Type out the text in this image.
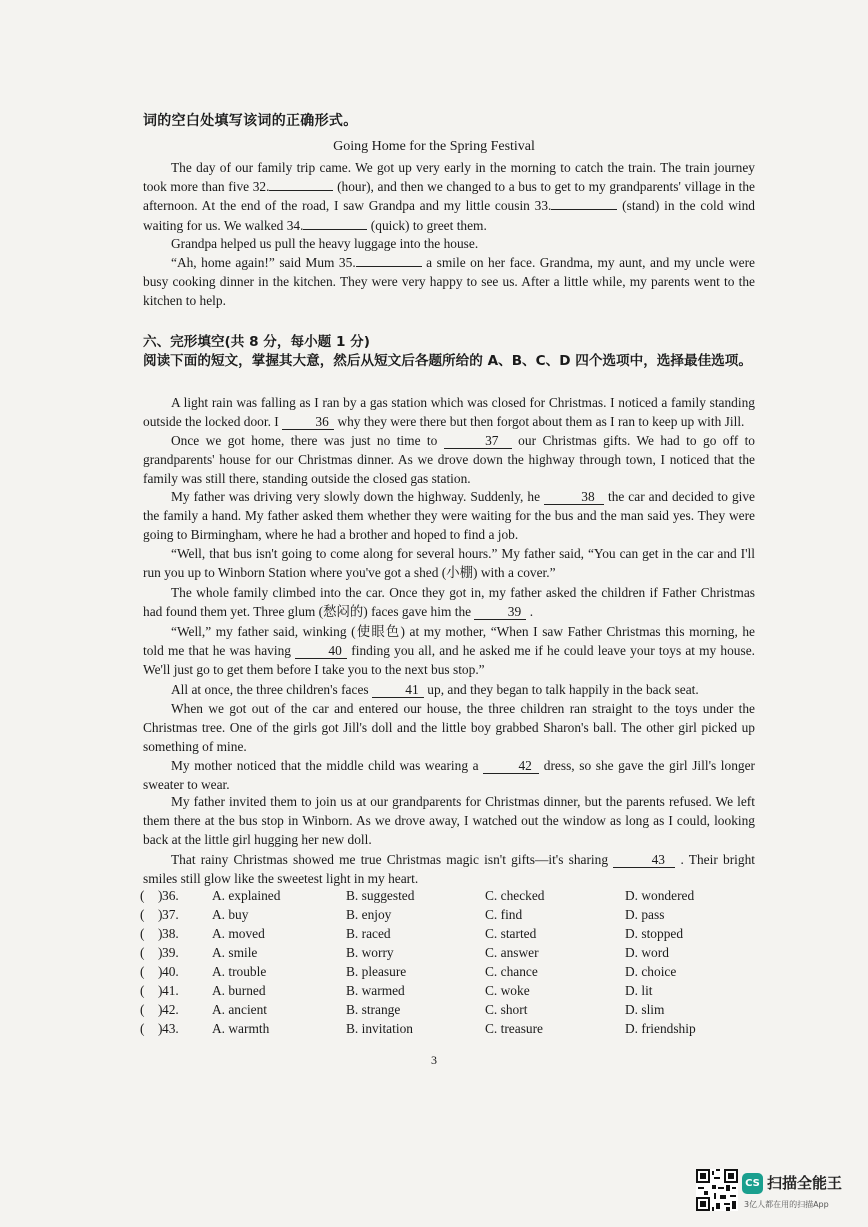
词的空白处填写该词的正确形式。
Going Home for the Spring Festival
The day of our family trip came. We got up very early in the morning to catch the train. The train journey took more than five 32.	(hour), and then we changed to a bus to get to my grandparents' village in the afternoon. At the end of the road, I saw Grandpa and my little cousin 33.	(stand) in the cold wind waiting for us. We walked 34.	(quick) to greet them.
Grandpa helped us pull the heavy luggage into the house.
“Ah, home again!” said Mum 35.	a smile on her face. Grandma, my aunt, and my uncle were busy cooking dinner in the kitchen. They were very happy to see us. After a little while, my parents went to the kitchen to help.
六、完形填空(共 8 分，每小题 1 分)
阅读下面的短文，掌握其大意，然后从短文后各题所给的 A、B、C、D 四个选项中，选择最佳选项。
A light rain was falling as I ran by a gas station which was closed for Christmas. I noticed a family standing outside the locked door. I 36 why they were there but then forgot about them as I ran to keep up with Jill.
Once we got home, there was just no time to	37 our Christmas gifts. We had to go off to grandparents' house for our Christmas dinner. As we drove down the highway through town, I noticed that the family was still there, standing outside the closed gas station.
My father was driving very slowly down the highway. Suddenly, he	38 the car and decided to give the family a hand. My father asked them whether they were waiting for the bus and the man said yes. They were going to Birmingham, where he had a brother and hoped to find a job.
“Well, that bus isn't going to come along for several hours.” My father said, “You can get in the car and I'll run you up to Winborn Station where you've got a shed (小棚) with a cover.”
The whole family climbed into the car. Once they got in, my father asked the children if Father Christmas had found them yet. Three glum (愁闷的) faces gave him the 39 .
“Well,” my father said, winking (使眼色) at my mother, “When I saw Father Christmas this morning, he told me that he was having 40 finding you all, and he asked me if he could leave your toys at my house. We'll just go to get them before I take you to the next bus stop.”
All at once, the three children's faces 41 up, and they began to talk happily in the back seat.
When we got out of the car and entered our house, the three children ran straight to the toys under the Christmas tree. One of the girls got Jill's doll and the little boy grabbed Sharon's ball. The other girl picked up something of mine.
My mother noticed that the middle child was wearing a	42 dress, so she gave the girl Jill's longer sweater to wear.
My father invited them to join us at our grandparents for Christmas dinner, but the parents refused. We left them there at the bus stop in Winborn. As we drove away, I watched out the window as long as I could, looking back at the little girl hugging her new doll.
That rainy Christmas showed me true Christmas magic isn't gifts—it's sharing	43 . Their bright smiles still glow like the sweetest light in my heart.
( ) 36. A. explained	B. suggested	C. checked	D. wondered
( ) 37. A. buy	B. enjoy	C. find	D. pass
( ) 38. A. moved	B. raced	C. started	D. stopped
( ) 39. A. smile	B. worry	C. answer	D. word
( ) 40. A. trouble	B. pleasure	C. chance	D. choice
( ) 41. A. burned	B. warmed	C. woke	D. lit
( ) 42. A. ancient	B. strange	C. short	D. slim
( ) 43. A. warmth	B. invitation	C. treasure	D. friendship
3
CS 扫描全能王
3亿人都在用的扫描App
